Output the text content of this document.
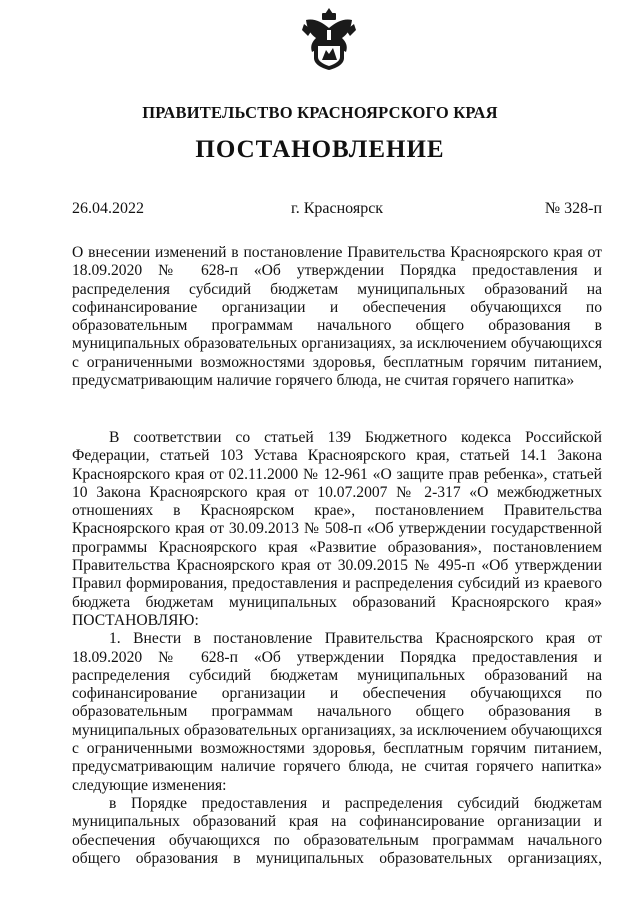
ПРАВИТЕЛЬСТВО КРАСНОЯРСКОГО КРАЯ
ПОСТАНОВЛЕНИЕ
26.04.2022	г. Красноярск	№ 328-п

О внесении изменений в постановление Правительства Красноярского края от 18.09.2020 № 628-п «Об утверждении Порядка предоставления и распределения субсидий бюджетам муниципальных образований на софинансирование организации и обеспечения обучающихся по образовательным программам начального общего образования в муниципальных образовательных организациях, за исключением обучающихся с ограниченными возможностями здоровья, бесплатным горячим питанием, предусматривающим наличие горячего блюда, не считая горячего напитка»

В соответствии со статьей 139 Бюджетного кодекса Российской Федерации, статьей 103 Устава Красноярского края, статьей 14.1 Закона Красноярского края от 02.11.2000 № 12-961 «О защите прав ребенка», статьей 10 Закона Красноярского края от 10.07.2007 № 2-317 «О межбюджетных отношениях в Красноярском крае», постановлением Правительства Красноярского края от 30.09.2013 № 508-п «Об утверждении государственной программы Красноярского края «Развитие образования», постановлением Правительства Красноярского края от 30.09.2015 № 495-п «Об утверждении Правил формирования, предоставления и распределения субсидий из краевого бюджета бюджетам муниципальных образований Красноярского края» ПОСТАНОВЛЯЮ:

1. Внести в постановление Правительства Красноярского края от 18.09.2020 № 628-п «Об утверждении Порядка предоставления и распределения субсидий бюджетам муниципальных образований на софинансирование организации и обеспечения обучающихся по образовательным программам начального общего образования в муниципальных образовательных организациях, за исключением обучающихся с ограниченными возможностями здоровья, бесплатным горячим питанием, предусматривающим наличие горячего блюда, не считая горячего напитка» следующие изменения:

в Порядке предоставления и распределения субсидий бюджетам муниципальных образований края на софинансирование организации и обеспечения обучающихся по образовательным программам начального общего образования в муниципальных образовательных организациях,
